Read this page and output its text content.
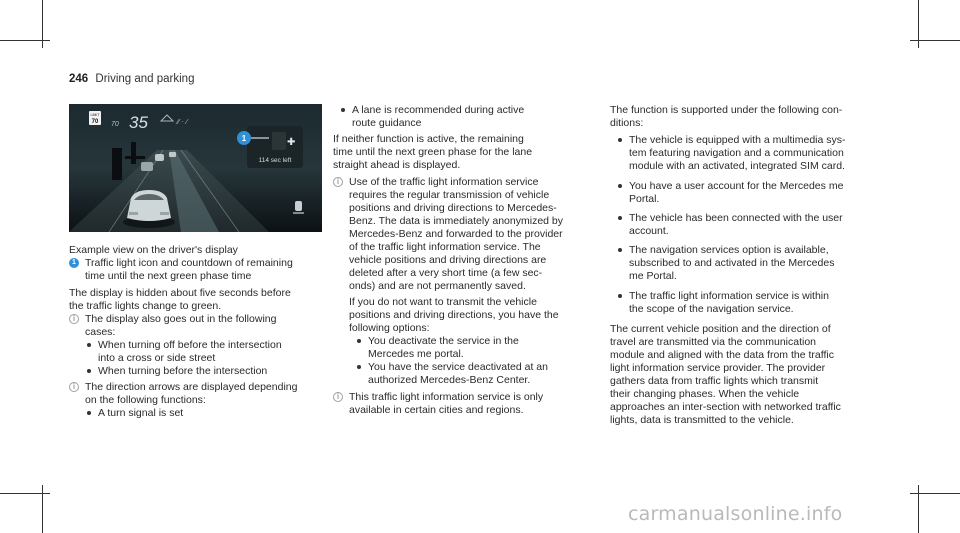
246 Driving and parking
LIMIT
70 70 35	⁄⁄ · ⁄
✚
114 sec left
1
Example view on the driver's display
1 Traffic light icon and countdown of remaining
time until the next green phase time
The display is hidden about five seconds before
the traffic lights change to green.
i The display also goes out in the following
cases:
When turning off before the intersection
into a cross or side street
When turning before the intersection
i The direction arrows are displayed depending
on the following functions:
A turn signal is set
A lane is recommended during active
route guidance
If neither function is active, the remaining
time until the next green phase for the lane
straight ahead is displayed.
i Use of the traffic light information service
requires the regular transmission of vehicle
positions and driving directions to Mercedes-
Benz. The data is immediately anonymized by
Mercedes-Benz and forwarded to the provider
of the traffic light information service. The
vehicle positions and driving directions are
deleted after a very short time (a few sec-
onds) and are not permanently saved.
If you do not want to transmit the vehicle
positions and driving directions, you have the
following options:
You deactivate the service in the
Mercedes me portal.
You have the service deactivated at an
authorized Mercedes-Benz Center.
i This traffic light information service is only
available in certain cities and regions.
The function is supported under the following con-
ditions:
The vehicle is equipped with a multimedia sys-
tem featuring navigation and a communication
module with an activated, integrated SIM card.
You have a user account for the Mercedes me
Portal.
The vehicle has been connected with the user
account.
The navigation services option is available,
subscribed to and activated in the Mercedes
me Portal.
The traffic light information service is within
the scope of the navigation service.
The current vehicle position and the direction of
travel are transmitted via the communication
module and aligned with the data from the traffic
light information service provider. The provider
gathers data from traffic lights which transmit
their changing phases. When the vehicle
approaches an inter-section with networked traffic
lights, data is transmitted to the vehicle.
carmanualsonline.info
